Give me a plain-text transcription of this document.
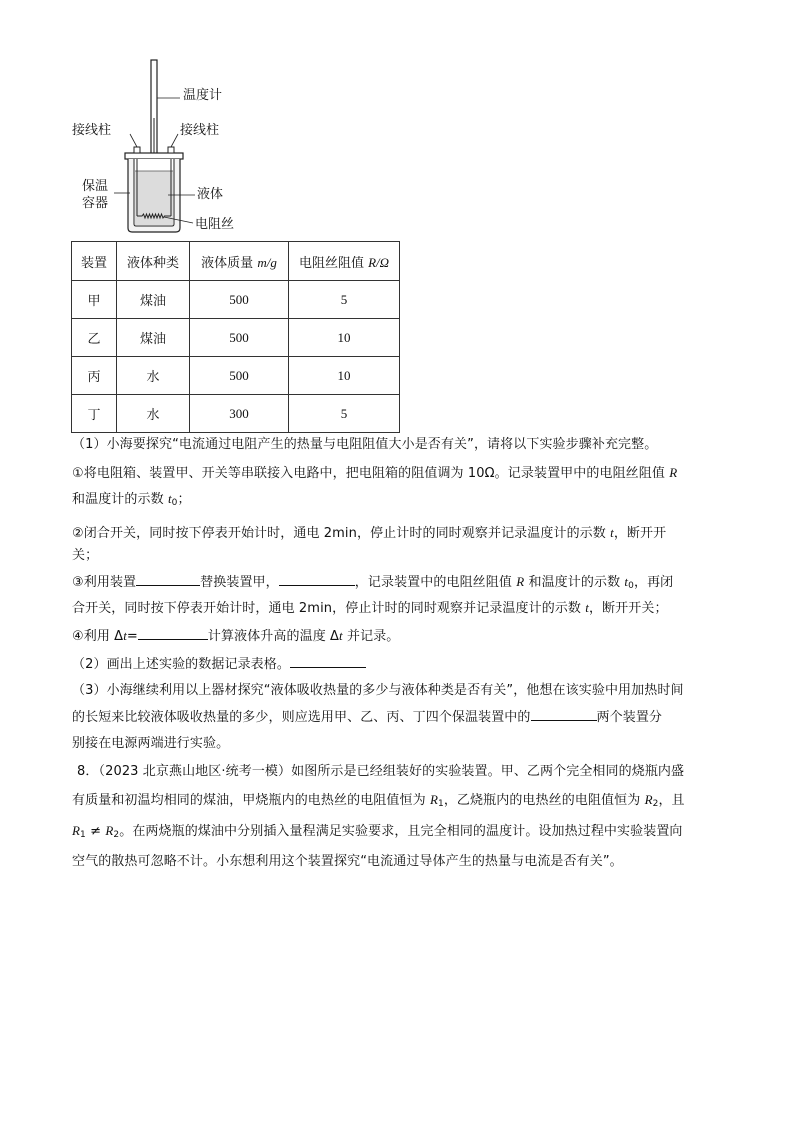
温度计
接线柱	接线柱
保温
容器
液体
电阻丝
装置	液体种类	液体质量 m/g	电阻丝阻值 R/Ω
甲	煤油	500	5
乙	煤油	500	10
丙	水	500	10
丁	水	300	5
（1）小海要探究“电流通过电阻产生的热量与电阻阻值大小是否有关”，请将以下实验步骤补充完整。
①将电阻箱、装置甲、开关等串联接入电路中，把电阻箱的阻值调为 10Ω。记录装置甲中的电阻丝阻值 R
和温度计的示数 $t_0$；
②闭合开关，同时按下停表开始计时，通电 2min，停止计时的同时观察并记录温度计的示数 t，断开开
关；
③利用装置	替换装置甲，	，记录装置中的电阻丝阻值 R 和温度计的示数 $t_0$，再闭
合开关，同时按下停表开始计时，通电 2min，停止计时的同时观察并记录温度计的示数 t，断开开关；
④利用 Δt=	计算液体升高的温度 Δt 并记录。
（2）画出上述实验的数据记录表格。
（3）小海继续利用以上器材探究“液体吸收热量的多少与液体种类是否有关”，他想在该实验中用加热时间
的长短来比较液体吸收热量的多少，则应选用甲、乙、丙、丁四个保温装置中的	两个装置分
别接在电源两端进行实验。
8．（2023 北京燕山地区·统考一模）如图所示是已经组装好的实验装置。甲、乙两个完全相同的烧瓶内盛
有质量和初温均相同的煤油，甲烧瓶内的电热丝的电阻值恒为 $R_1$，乙烧瓶内的电热丝的电阻值恒为 $R_2$，且
$R_1 \ne R_2$。在两烧瓶的煤油中分别插入量程满足实验要求，且完全相同的温度计。设加热过程中实验装置向
空气的散热可忽略不计。小东想利用这个装置探究“电流通过导体产生的热量与电流是否有关”。
